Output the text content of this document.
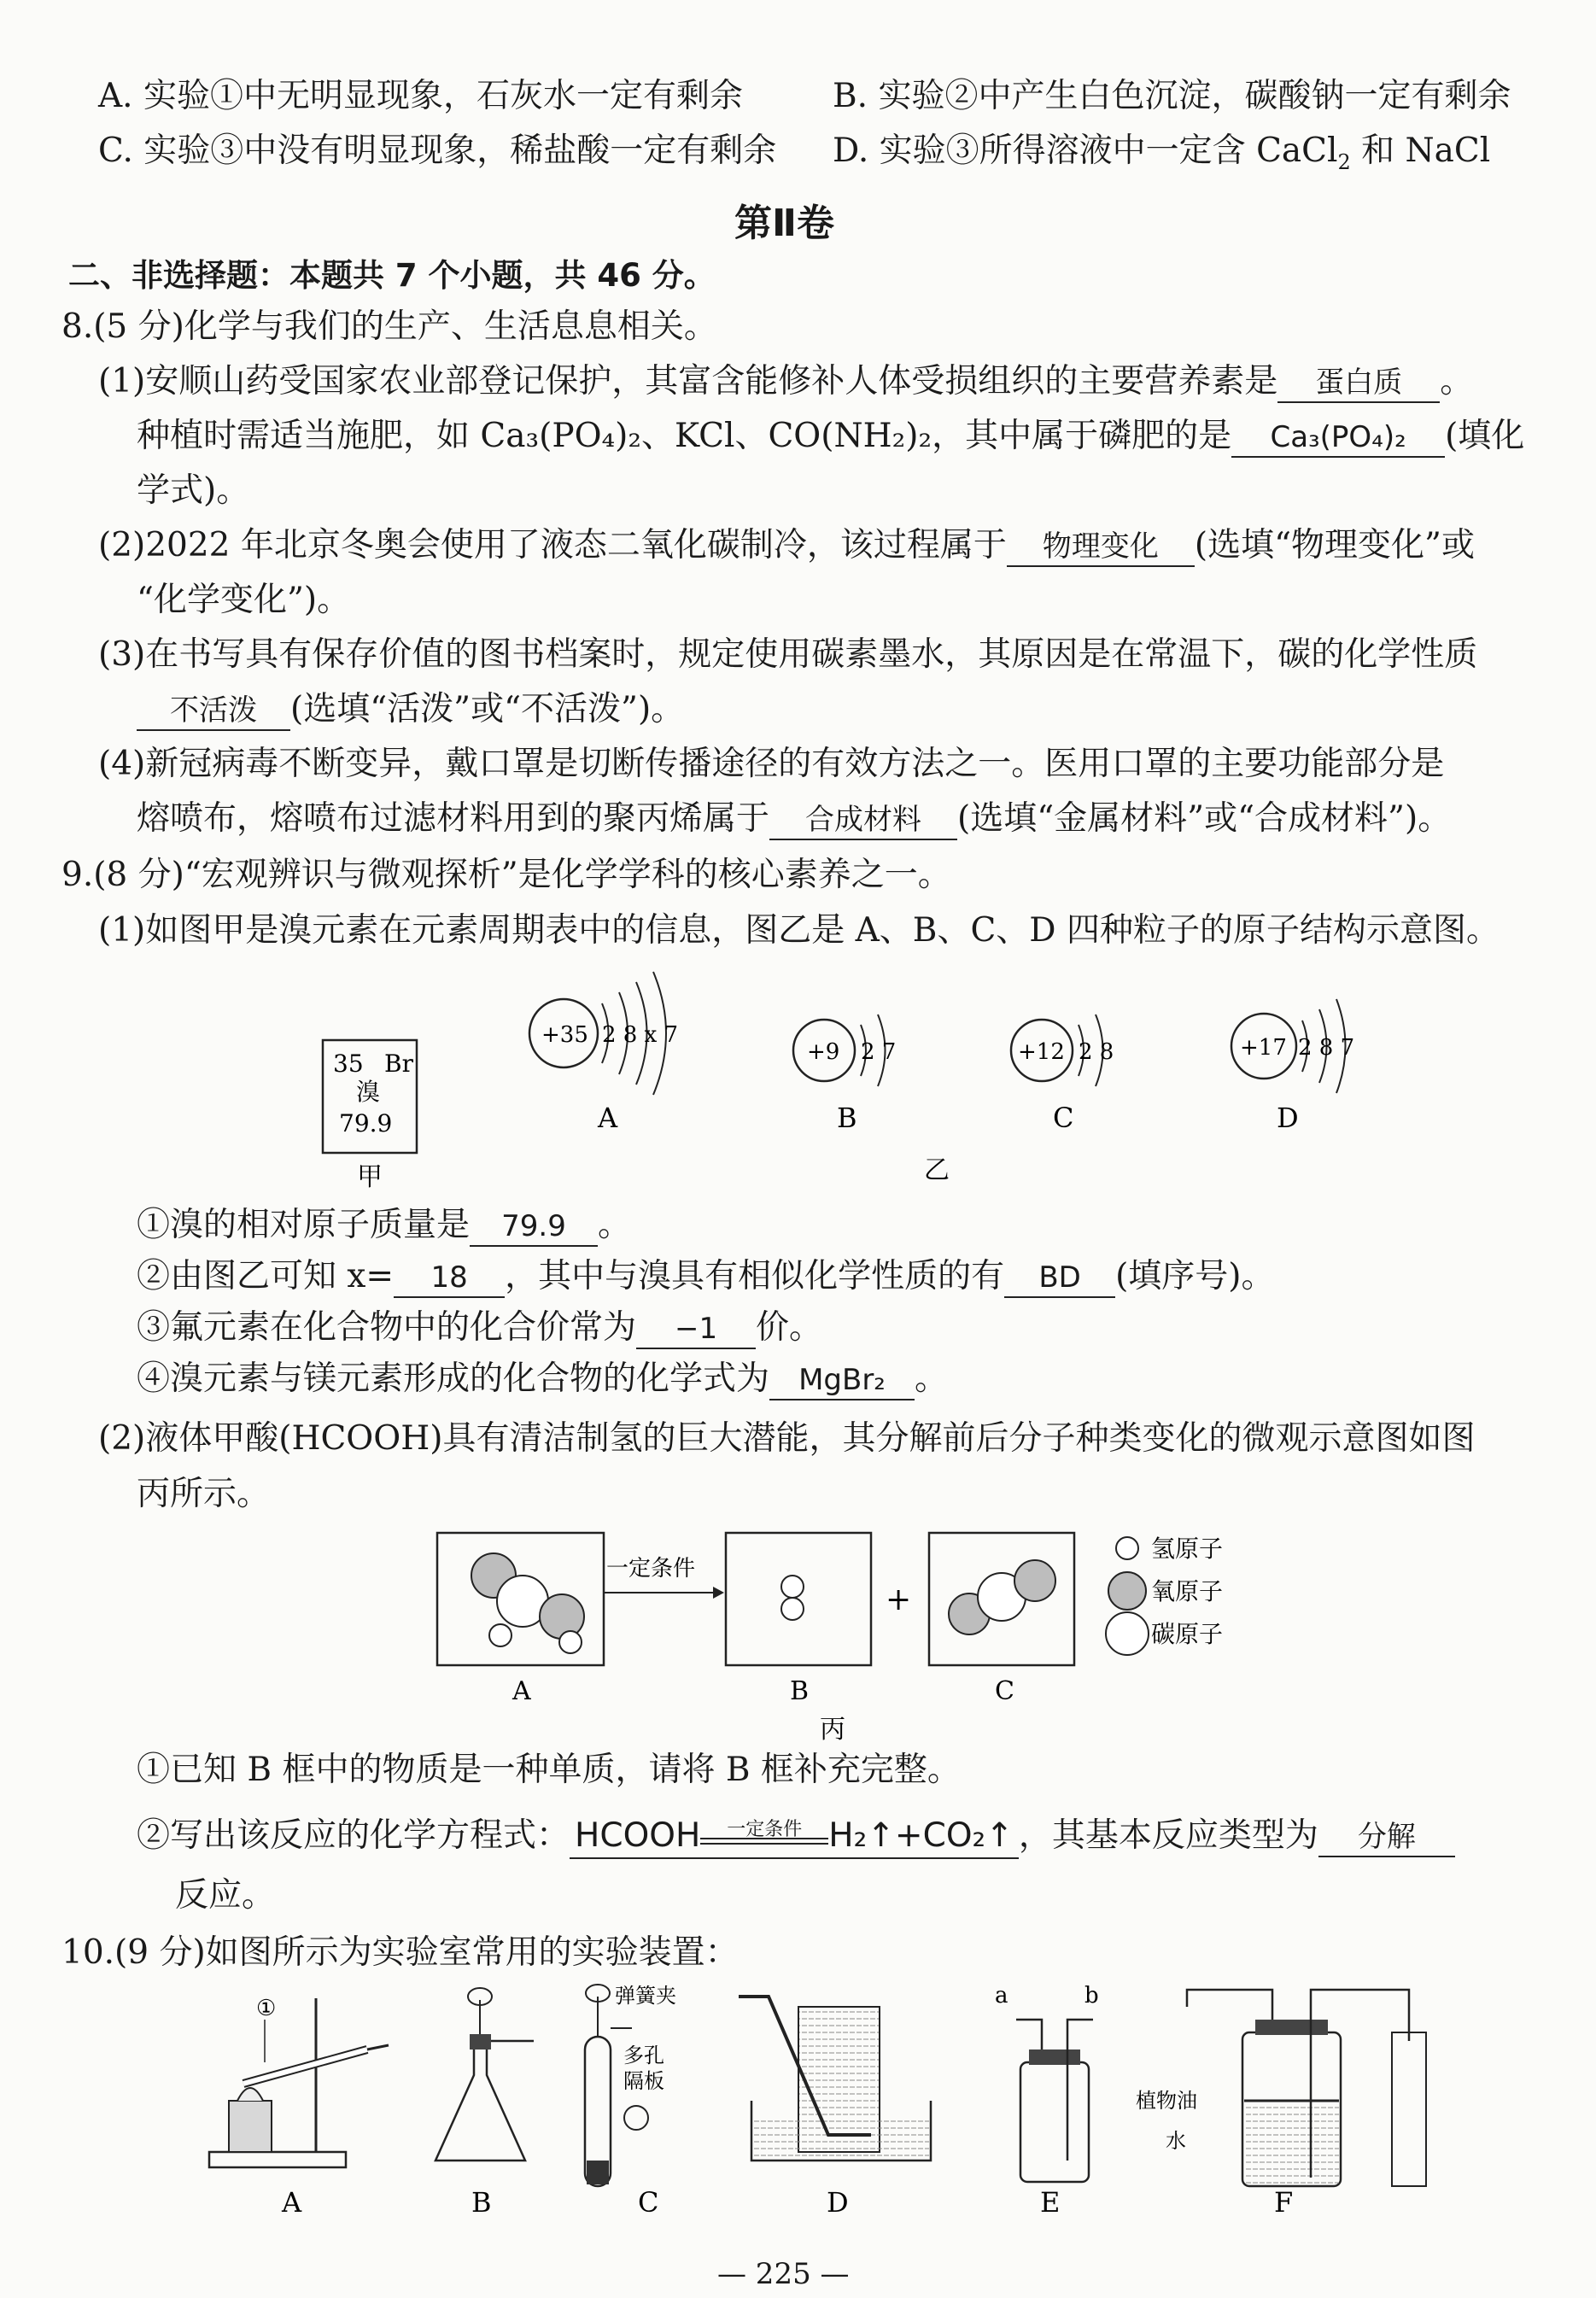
A. 实验①中无明显现象，石灰水一定有剩余	B. 实验②中产生白色沉淀，碳酸钠一定有剩余
C. 实验③中没有明显现象，稀盐酸一定有剩余 D. 实验③所得溶液中一定含 CaCl$_2$ 和 NaCl
第Ⅱ卷
二、非选择题：本题共 7 个小题，共 46 分。
8.(5 分)化学与我们的生产、生活息息相关。
(1)安顺山药受国家农业部登记保护，其富含能修补人体受损组织的主要营养素是 蛋白质 。
种植时需适当施肥，如 Ca₃(PO₄)₂、KCl、CO(NH₂)₂，其中属于磷肥的是 Ca₃(PO₄)₂ (填化
学式)。
(2)2022 年北京冬奥会使用了液态二氧化碳制冷，该过程属于 物理变化 (选填“物理变化”或
“化学变化”)。
(3)在书写具有保存价值的图书档案时，规定使用碳素墨水，其原因是在常温下，碳的化学性质
不活泼 (选填“活泼”或“不活泼”)。
(4)新冠病毒不断变异，戴口罩是切断传播途径的有效方法之一。医用口罩的主要功能部分是
熔喷布，熔喷布过滤材料用到的聚丙烯属于 合成材料 (选填“金属材料”或“合成材料”)。
9.(8 分)“宏观辨识与微观探析”是化学学科的核心素养之一。
(1)如图甲是溴元素在元素周期表中的信息，图乙是 A、B、C、D 四种粒子的原子结构示意图。
35 Br
溴
79.9
甲
+35 2 8 x 7
A
+9 2 7
B
+12 2 8
C
+17 2 8 7
D
乙
①溴的相对原子质量是 79.9 。
②由图乙可知 x= 18 ，其中与溴具有相似化学性质的有 BD (填序号)。
③氟元素在化合物中的化合价常为 −1 价。
④溴元素与镁元素形成的化合物的化学式为 MgBr₂ 。
(2)液体甲酸(HCOOH)具有清洁制氢的巨大潜能，其分解前后分子种类变化的微观示意图如图
丙所示。
A
一定条件
B
+
C
氢原子
氧原子
碳原子
丙
①已知 B 框中的物质是一种单质，请将 B 框补充完整。
②写出该反应的化学方程式： HCOOH	一定条件 H₂↑+CO₂↑ ，其基本反应类型为 分解
反应。
10.(9 分)如图所示为实验室常用的实验装置：
①
A	B
弹簧夹
多孔
隔板
C	D
a	b
E
植物油
水
F
— 225 —
